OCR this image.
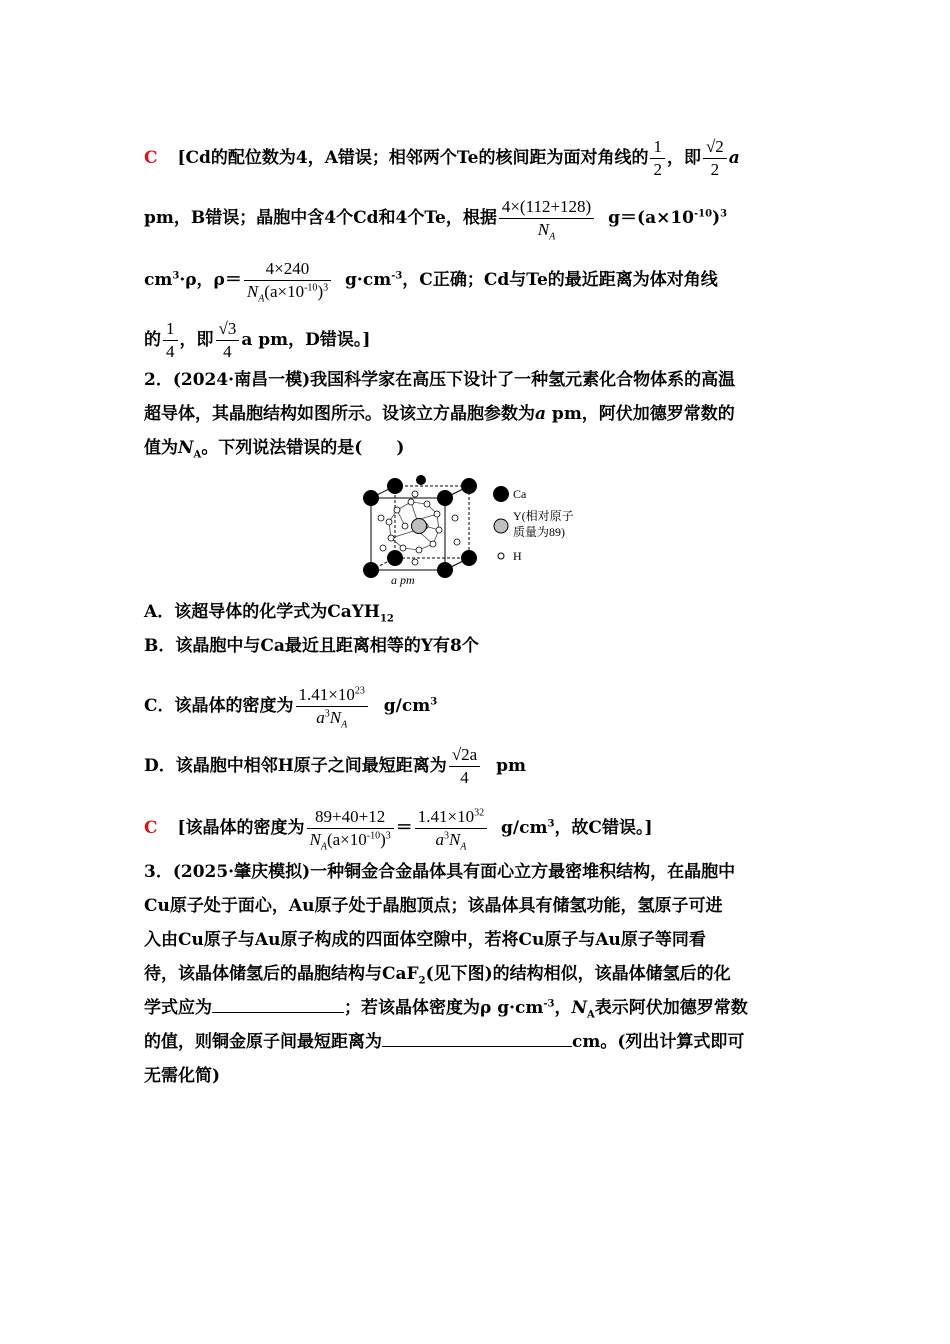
C [Cd的配位数为4，A错误；相邻两个Te的核间距为面对角线的 $\frac{1}{2}$ ，即 $\frac{√2}{2}$ a
pm，B错误；晶胞中含4个Cd和4个Te，根据 $\frac{4\times(112+128)}{N_A} g=(a\times 10^{-10})^3$
$cm^3\cdot\rho$，$\rho= \frac{4\times 240}{N_A(a\times 10^{-10})^3} g\cdot cm^{-3}$，C正确；Cd与Te的最近距离为体对角线
的 $\frac{1}{4}$ ，即 $\frac{√3}{4}$ a pm，D错误。]
2．(2024·南昌一模)我国科学家在高压下设计了一种氢元素化合物体系的高温
超导体，其晶胞结构如图所示。设该立方晶胞参数为a pm，阿伏加德罗常数的
值为$N_A$。下列说法错误的是(　　)
Ca
Y(相对原子
质量为89)
H
a pm
A．该超导体的化学式为CaYH$_{12}$
B．该晶胞中与Ca最近且距离相等的Y有8个
C．该晶体的密度为 $\frac{1.41\times 10^{23}}{a^3N_A} g/cm^3$
D．该晶胞中相邻H原子之间最短距离为 $\frac{√2a}{4}$ pm
C [该晶体的密度为 $\frac{89+40+12}{N_A(a\times 10^{-10})^3} = \frac{1.41\times 10^{32}}{a^3N_A} g/cm^3$，故C错误。]
3．(2025·肇庆模拟)一种铜金合金晶体具有面心立方最密堆积结构，在晶胞中
Cu原子处于面心，Au原子处于晶胞顶点；该晶体具有储氢功能，氢原子可进
入由Cu原子与Au原子构成的四面体空隙中，若将Cu原子与Au原子等同看
待，该晶体储氢后的晶胞结构与CaF$_2$(见下图)的结构相似，该晶体储氢后的化
学式应为	；若该晶体密度为ρ $g\cdot cm^{-3}$，$N_A$表示阿伏加德罗常数
的值，则铜金原子间最短距离为	cm。(列出计算式即可
无需化简)
